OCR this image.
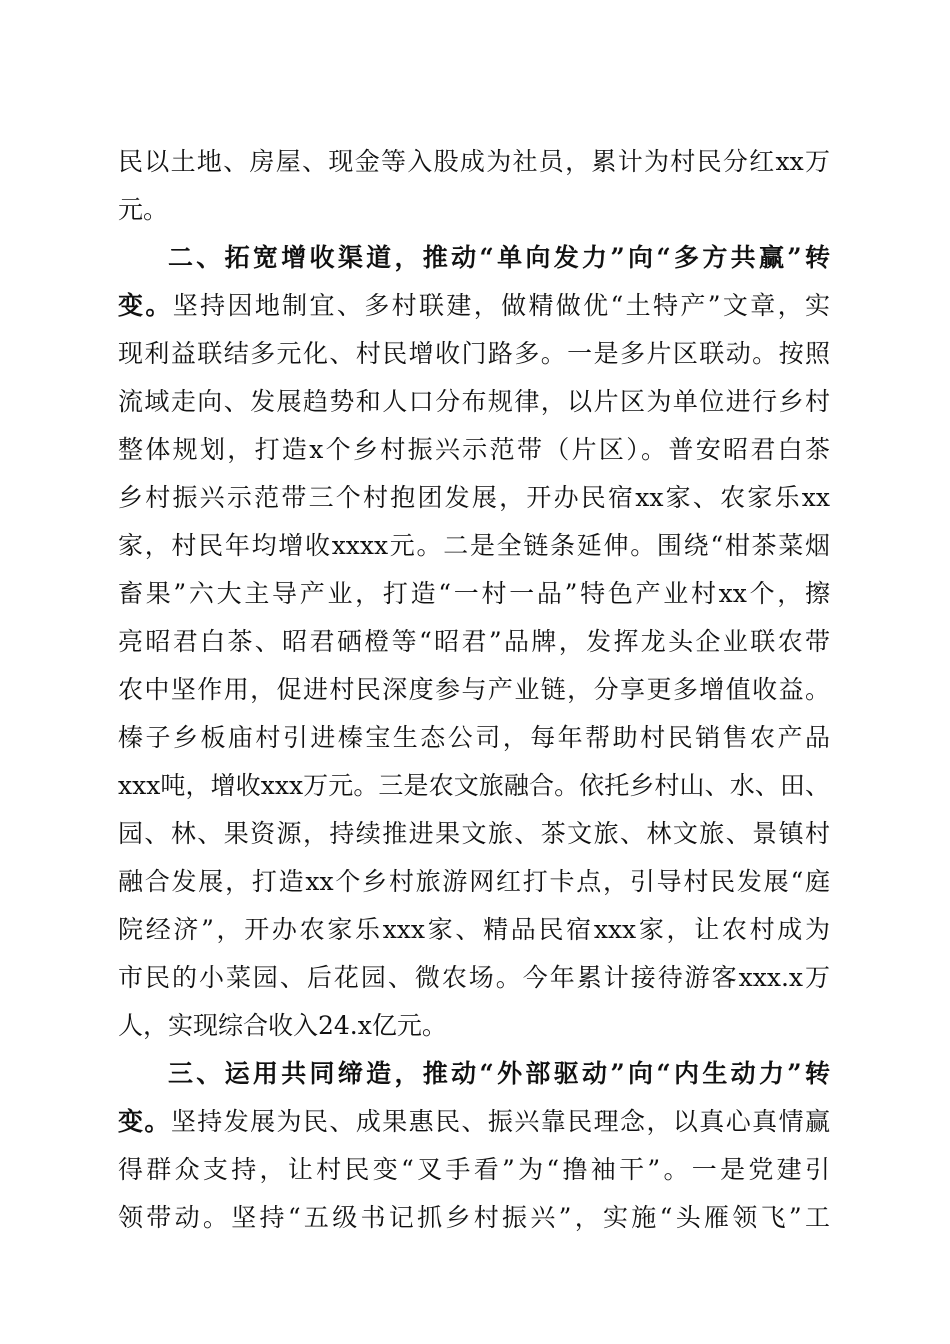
民以土地、房屋、现金等入股成为社员，累计为村民分红xx万
元。
二、拓宽增收渠道，推动“单向发力”向“多方共赢”转
变。坚持因地制宜、多村联建，做精做优“土特产”文章，实
现利益联结多元化、村民增收门路多。一是多片区联动。按照
流域走向、发展趋势和人口分布规律，以片区为单位进行乡村
整体规划，打造x个乡村振兴示范带（片区）。普安昭君白茶
乡村振兴示范带三个村抱团发展，开办民宿xx家、农家乐xx
家，村民年均增收xxxx元。二是全链条延伸。围绕“柑茶菜烟
畜果”六大主导产业，打造“一村一品”特色产业村xx个，擦
亮昭君白茶、昭君硒橙等“昭君”品牌，发挥龙头企业联农带
农中坚作用，促进村民深度参与产业链，分享更多增值收益。
榛子乡板庙村引进榛宝生态公司，每年帮助村民销售农产品
xxx吨，增收xxx万元。三是农文旅融合。依托乡村山、水、田、
园、林、果资源，持续推进果文旅、茶文旅、林文旅、景镇村
融合发展，打造xx个乡村旅游网红打卡点，引导村民发展“庭
院经济”，开办农家乐xxx家、精品民宿xxx家，让农村成为
市民的小菜园、后花园、微农场。今年累计接待游客xxx.x万
人，实现综合收入24.x亿元。
三、运用共同缔造，推动“外部驱动”向“内生动力”转
变。坚持发展为民、成果惠民、振兴靠民理念，以真心真情赢
得群众支持，让村民变“叉手看”为“撸袖干”。一是党建引
领带动。坚持“五级书记抓乡村振兴”，实施“头雁领飞”工
